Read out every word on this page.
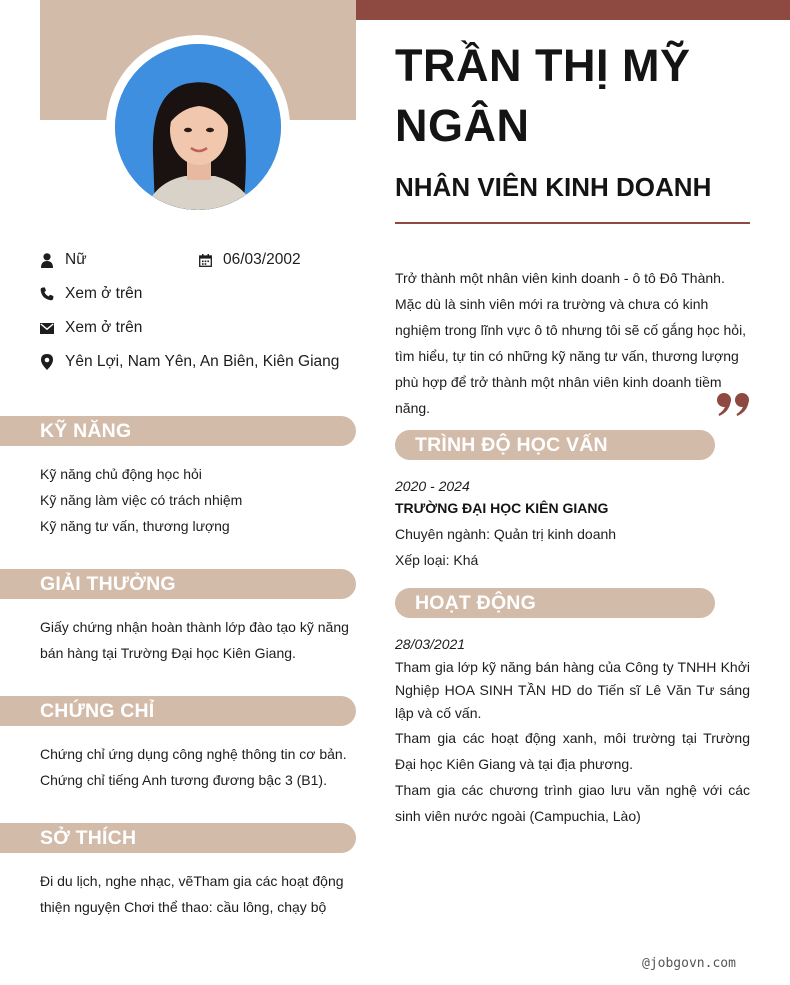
Nữ	06/03/2002
Xem ở trên
Xem ở trên
Yên Lợi, Nam Yên, An Biên, Kiên Giang
KỸ NĂNG
Kỹ năng chủ động học hỏi
Kỹ năng làm việc có trách nhiệm
Kỹ năng tư vấn, thương lượng
GIẢI THƯỞNG
Giấy chứng nhận hoàn thành lớp đào tạo kỹ năng bán hàng tại Trường Đại học Kiên Giang.
CHỨNG CHỈ
Chứng chỉ ứng dụng công nghệ thông tin cơ bản.
Chứng chỉ tiếng Anh tương đương bậc 3 (B1).
SỞ THÍCH
Đi du lịch, nghe nhạc, vẽTham gia các hoạt động thiện nguyện Chơi thể thao: cầu lông, chạy bộ
TRẦN THỊ MỸ
NGÂN
NHÂN VIÊN KINH DOANH
Trở thành một nhân viên kinh doanh - ô tô Đô Thành. Mặc dù là sinh viên mới ra trường và chưa có kinh nghiệm trong lĩnh vực ô tô nhưng tôi sẽ cố gắng học hỏi, tìm hiểu, tự tin có những kỹ năng tư vấn, thương lượng phù hợp để trở thành một nhân viên kinh doanh tiềm năng.
TRÌNH ĐỘ HỌC VẤN
2020 - 2024
TRƯỜNG ĐẠI HỌC KIÊN GIANG
Chuyên ngành: Quản trị kinh doanh
Xếp loại: Khá
HOẠT ĐỘNG
28/03/2021
Tham gia lớp kỹ năng bán hàng của Công ty TNHH Khởi Nghiệp HOA SINH TẦN HD do Tiến sĩ Lê Văn Tư sáng lập và cố vấn.
Tham gia các hoạt động xanh, môi trường tại Trường Đại học Kiên Giang và tại địa phương.
Tham gia các chương trình giao lưu văn nghệ với các sinh viên nước ngoài (Campuchia, Lào)
@jobgovn.com
